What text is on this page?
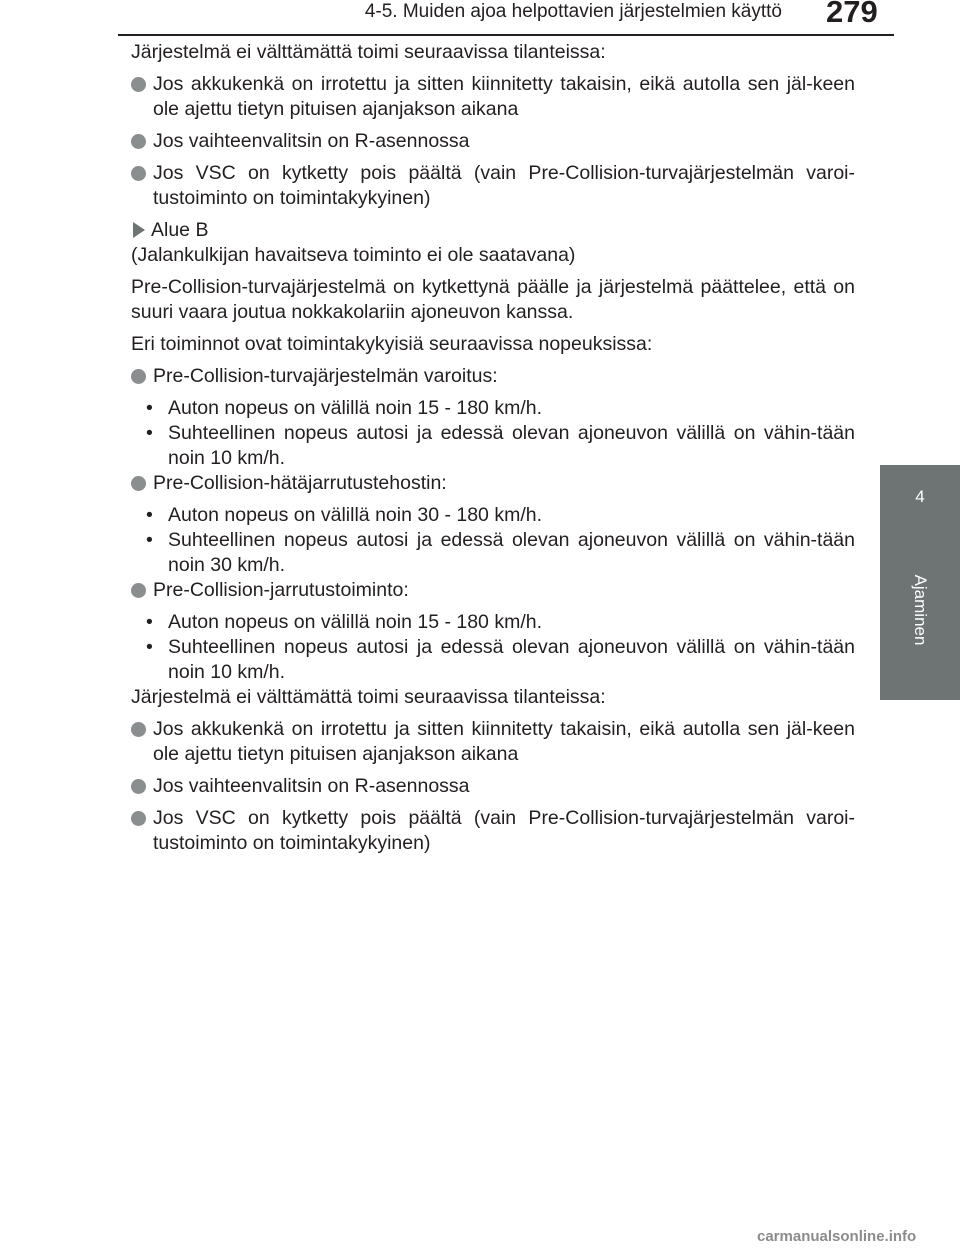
4-5. Muiden ajoa helpottavien järjestelmien käyttö 279
4
Ajaminen

Järjestelmä ei välttämättä toimi seuraavissa tilanteissa:

Jos akkukenkä on irrotettu ja sitten kiinnitetty takaisin, eikä autolla sen jäl-keen ole ajettu tietyn pituisen ajanjakson aikana
Jos vaihteenvalitsin on R-asennossa
Jos VSC on kytketty pois päältä (vain Pre-Collision-turvajärjestelmän varoi-tustoiminto on toimintakykyinen)
Alue B
(Jalankulkijan havaitseva toiminto ei ole saatavana)

Pre-Collision-turvajärjestelmä on kytkettynä päälle ja järjestelmä päättelee, että on suuri vaara joutua nokkakolariin ajoneuvon kanssa.

Eri toiminnot ovat toimintakykyisiä seuraavissa nopeuksissa:

Pre-Collision-turvajärjestelmän varoitus:
• Auton nopeus on välillä noin 15 - 180 km/h.
• Suhteellinen nopeus autosi ja edessä olevan ajoneuvon välillä on vähin-tään noin 10 km/h.
Pre-Collision-hätäjarrutustehostin:
• Auton nopeus on välillä noin 30 - 180 km/h.
• Suhteellinen nopeus autosi ja edessä olevan ajoneuvon välillä on vähin-tään noin 30 km/h.
Pre-Collision-jarrutustoiminto:
• Auton nopeus on välillä noin 15 - 180 km/h.
• Suhteellinen nopeus autosi ja edessä olevan ajoneuvon välillä on vähin-tään noin 10 km/h.

Järjestelmä ei välttämättä toimi seuraavissa tilanteissa:

Jos akkukenkä on irrotettu ja sitten kiinnitetty takaisin, eikä autolla sen jäl-keen ole ajettu tietyn pituisen ajanjakson aikana
Jos vaihteenvalitsin on R-asennossa
Jos VSC on kytketty pois päältä (vain Pre-Collision-turvajärjestelmän varoi-tustoiminto on toimintakykyinen)
carmanualsonline.info
